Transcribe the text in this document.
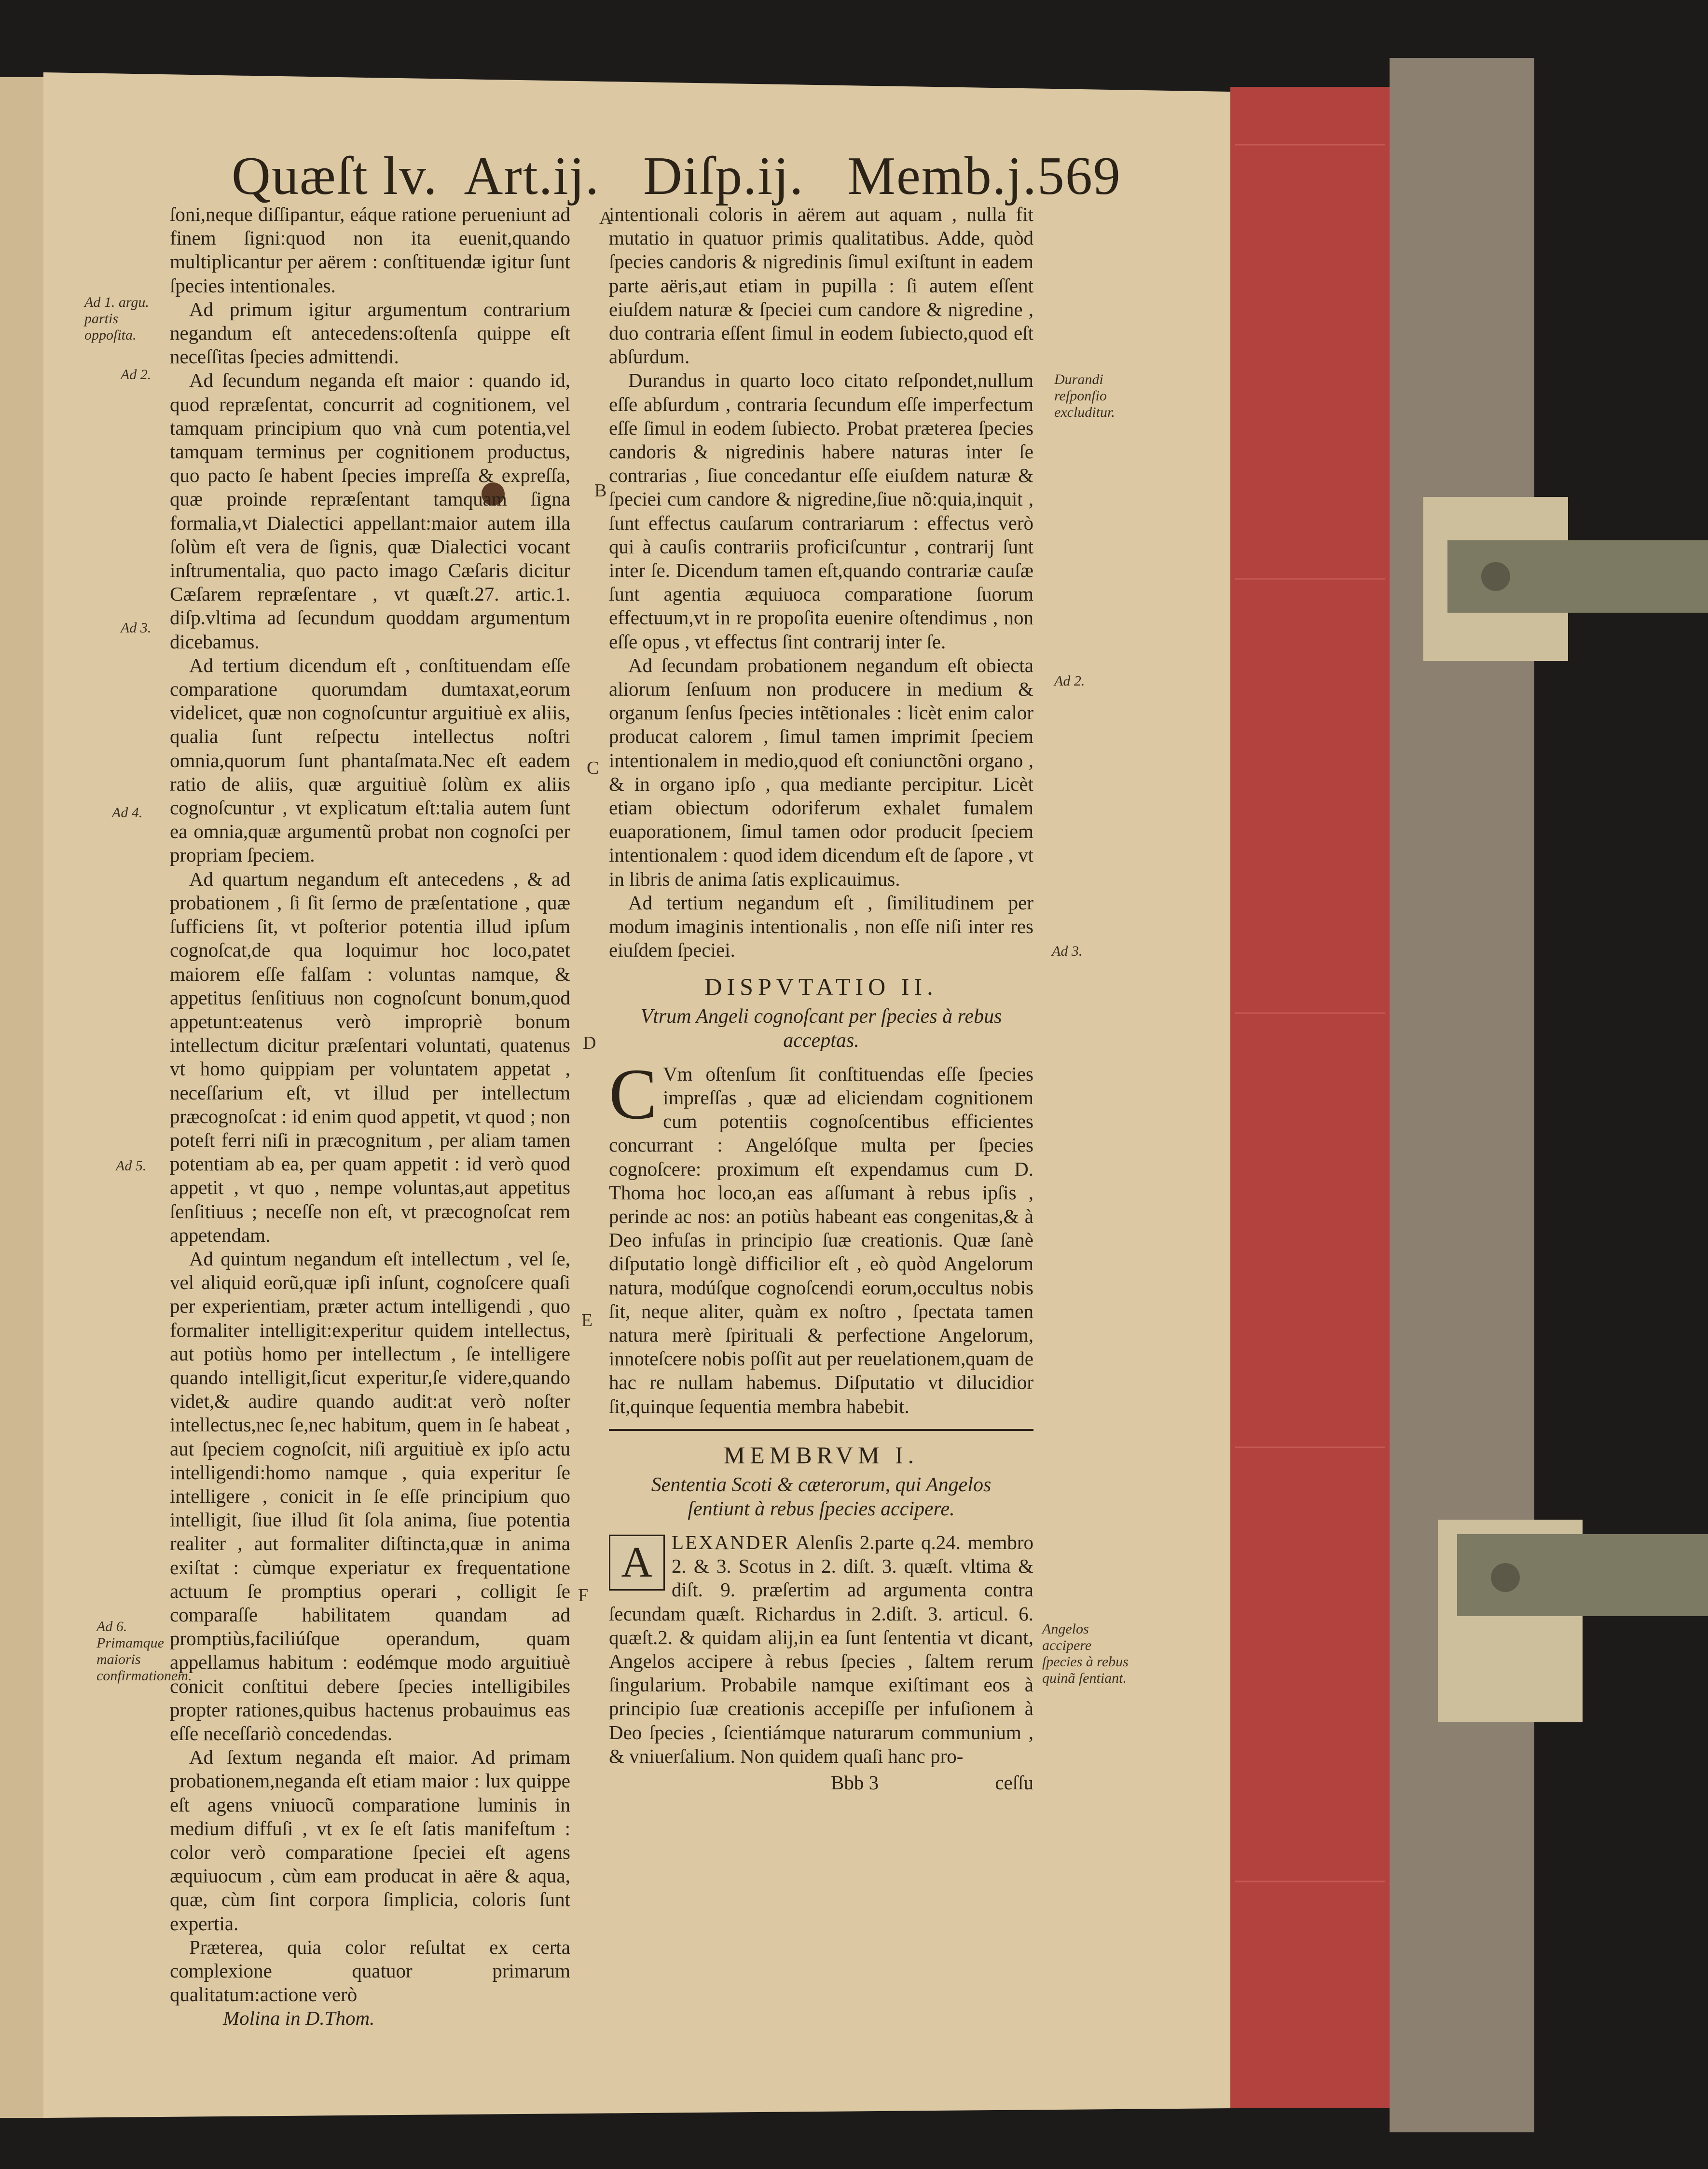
Quæſt lv.  Art.ij.   Diſp.ij.   Memb.j. 569

ſoni,neque diſſipantur, eáque ratione perueniunt ad finem ſigni:quod non ita euenit,quando multiplicantur per aërem : conſtituendæ igitur ſunt ſpecies intentionales.

Ad primum igitur argumentum contrarium negandum eſt antecedens:oſtenſa quippe eſt neceſſitas ſpecies admittendi.

Ad ſecundum neganda eſt maior : quando id, quod repræſentat, concurrit ad cognitionem, vel tamquam principium quo vnà cum potentia,vel tamquam terminus per cognitionem productus, quo pacto ſe habent ſpecies impreſſa & expreſſa, quæ proinde repræſentant tamquam ſigna formalia,vt Dialectici appellant:maior autem illa ſolùm eſt vera de ſignis, quæ Dialectici vocant inſtrumentalia, quo pacto imago Cæſaris dicitur Cæſarem repræſentare , vt quæſt.27. artic.1. diſp.vltima ad ſecundum quoddam argumentum dicebamus.

Ad tertium dicendum eſt , conſtituendam eſſe comparatione quorumdam dumtaxat,eorum videlicet, quæ non cognoſcuntur arguitiuè ex aliis, qualia ſunt reſpectu intellectus noſtri omnia,quorum ſunt phantaſmata.Nec eſt eadem ratio de aliis, quæ arguitiuè ſolùm ex aliis cognoſcuntur , vt explicatum eſt:talia autem ſunt ea omnia,quæ argumentũ probat non cognoſci per propriam ſpeciem.

Ad quartum negandum eſt antecedens , & ad probationem , ſi ſit ſermo de præſentatione , quæ ſufficiens ſit, vt poſterior potentia illud ipſum cognoſcat,de qua loquimur hoc loco,patet maiorem eſſe falſam : voluntas namque, & appetitus ſenſitiuus non cognoſcunt bonum,quod appetunt:eatenus verò impropriè bonum intellectum dicitur præſentari voluntati, quatenus vt homo quippiam per voluntatem appetat , neceſſarium eſt, vt illud per intellectum præcognoſcat : id enim quod appetit, vt quod ; non poteſt ferri niſi in præcognitum , per aliam tamen potentiam ab ea, per quam appetit : id verò quod appetit , vt quo , nempe voluntas,aut appetitus ſenſitiuus ; neceſſe non eſt, vt præcognoſcat rem appetendam.

Ad quintum negandum eſt intellectum , vel ſe, vel aliquid eorũ,quæ ipſi inſunt, cognoſcere quaſi per experientiam, præter actum intelligendi , quo formaliter intelligit:experitur quidem intellectus, aut potiùs homo per intellectum , ſe intelligere quando intelligit,ſicut experitur,ſe videre,quando videt,& audire quando audit:at verò noſter intellectus,nec ſe,nec habitum, quem in ſe habeat , aut ſpeciem cognoſcit, niſi arguitiuè ex ipſo actu intelligendi:homo namque , quia experitur ſe intelligere , conicit in ſe eſſe principium quo intelligit, ſiue illud ſit ſola anima, ſiue potentia realiter , aut formaliter diſtincta,quæ in anima exiſtat : cùmque experiatur ex frequentatione actuum ſe promptius operari , colligit ſe comparaſſe habilitatem quandam ad promptiùs,faciliúſque operandum, quam appellamus habitum : eodémque modo arguitiuè conicit conſtitui debere ſpecies intelligibiles propter rationes,quibus hactenus probauimus eas eſſe neceſſariò concedendas.

Ad ſextum neganda eſt maior. Ad primam probationem,neganda eſt etiam maior : lux quippe eſt agens vniuocũ comparatione luminis in medium diffuſi , vt ex ſe eſt ſatis manifeſtum : color verò comparatione ſpeciei eſt agens æquiuocum , cùm eam producat in aëre & aqua, quæ, cùm ſint corpora ſimplicia, coloris ſunt expertia.

Præterea, quia color reſultat ex certa complexione quatuor primarum qualitatum:actione verò

Molina in D.Thom.

intentionali coloris in aërem aut aquam , nulla fit mutatio in quatuor primis qualitatibus. Adde, quòd ſpecies candoris & nigredinis ſimul exiſtunt in eadem parte aëris,aut etiam in pupilla : ſi autem eſſent eiuſdem naturæ & ſpeciei cum candore & nigredine , duo contraria eſſent ſimul in eodem ſubiecto,quod eſt abſurdum.

Durandus in quarto loco citato reſpondet,nullum eſſe abſurdum , contraria ſecundum eſſe imperfectum eſſe ſimul in eodem ſubiecto. Probat præterea ſpecies candoris & nigredinis habere naturas inter ſe contrarias , ſiue concedantur eſſe eiuſdem naturæ & ſpeciei cum candore & nigredine,ſiue nõ:quia,inquit , ſunt effectus cauſarum contrariarum : effectus verò qui à cauſis contrariis proficiſcuntur , contrarij ſunt inter ſe. Dicendum tamen eſt,quando contrariæ cauſæ ſunt agentia æquiuoca comparatione ſuorum effectuum,vt in re propoſita euenire oſtendimus , non eſſe opus , vt effectus ſint contrarij inter ſe.

Ad ſecundam probationem negandum eſt obiecta aliorum ſenſuum non producere in medium & organum ſenſus ſpecies intẽtionales : licèt enim calor producat calorem , ſimul tamen imprimit ſpeciem intentionalem in medio,quod eſt coniunctõni organo , & in organo ipſo , qua mediante percipitur. Licèt etiam obiectum odoriferum exhalet fumalem euaporationem, ſimul tamen odor producit ſpeciem intentionalem : quod idem dicendum eſt de ſapore , vt in libris de anima ſatis explicauimus.

Ad tertium negandum eſt , ſimilitudinem per modum imaginis intentionalis , non eſſe niſi inter res eiuſdem ſpeciei.

DISPVTATIO II.
Vtrum Angeli cognoſcant per ſpecies à rebus acceptas.

C Vm oſtenſum ſit conſtituendas eſſe ſpecies impreſſas , quæ ad eliciendam cognitionem cum potentiis cognoſcentibus efficientes concurrant : Angelóſque multa per ſpecies cognoſcere: proximum eſt expendamus cum D. Thoma hoc loco,an eas aſſumant à rebus ipſis , perinde ac nos: an potiùs habeant eas congenitas,& à Deo infuſas in principio ſuæ creationis. Quæ ſanè diſputatio longè difficilior eſt , eò quòd Angelorum natura, modúſque cognoſcendi eorum,occultus nobis ſit, neque aliter, quàm ex noſtro , ſpectata tamen natura merè ſpirituali & perfectione Angelorum, innoteſcere nobis poſſit aut per reuelationem,quam de hac re nullam habemus. Diſputatio vt dilucidior ſit,quinque ſequentia membra habebit.

MEMBRVM I.
Sententia Scoti & cæterorum, qui Angelos ſentiunt à rebus ſpecies accipere.

A LEXANDER Alenſis 2.parte q.24. membro 2. & 3. Scotus in 2. diſt. 3. quæſt. vltima & diſt. 9. præſertim ad argumenta contra ſecundam quæſt. Richardus in 2.diſt. 3. articul. 6. quæſt.2. & quidam alij,in ea ſunt ſententia vt dicant, Angelos accipere à rebus ſpecies , ſaltem rerum ſingularium. Probabile namque exiſtimant eos à principio ſuæ creationis accepiſſe per infuſionem à Deo ſpecies , ſcientiámque naturarum communium , & vniuerſalium. Non quidem quaſi hanc pro-

Bbb 3	ceſſu

Ad 1. argu. partis oppoſita.
Ad 2.
Ad 3.
Ad 4.
Ad 5.
Ad 6. Primamque maioris confirmationem.
Durandi reſponſio excluditur.
Ad 2.
Ad 3.
Angelos accipere ſpecies à rebus quinã ſentiant.
A
B
C
D
E
F
